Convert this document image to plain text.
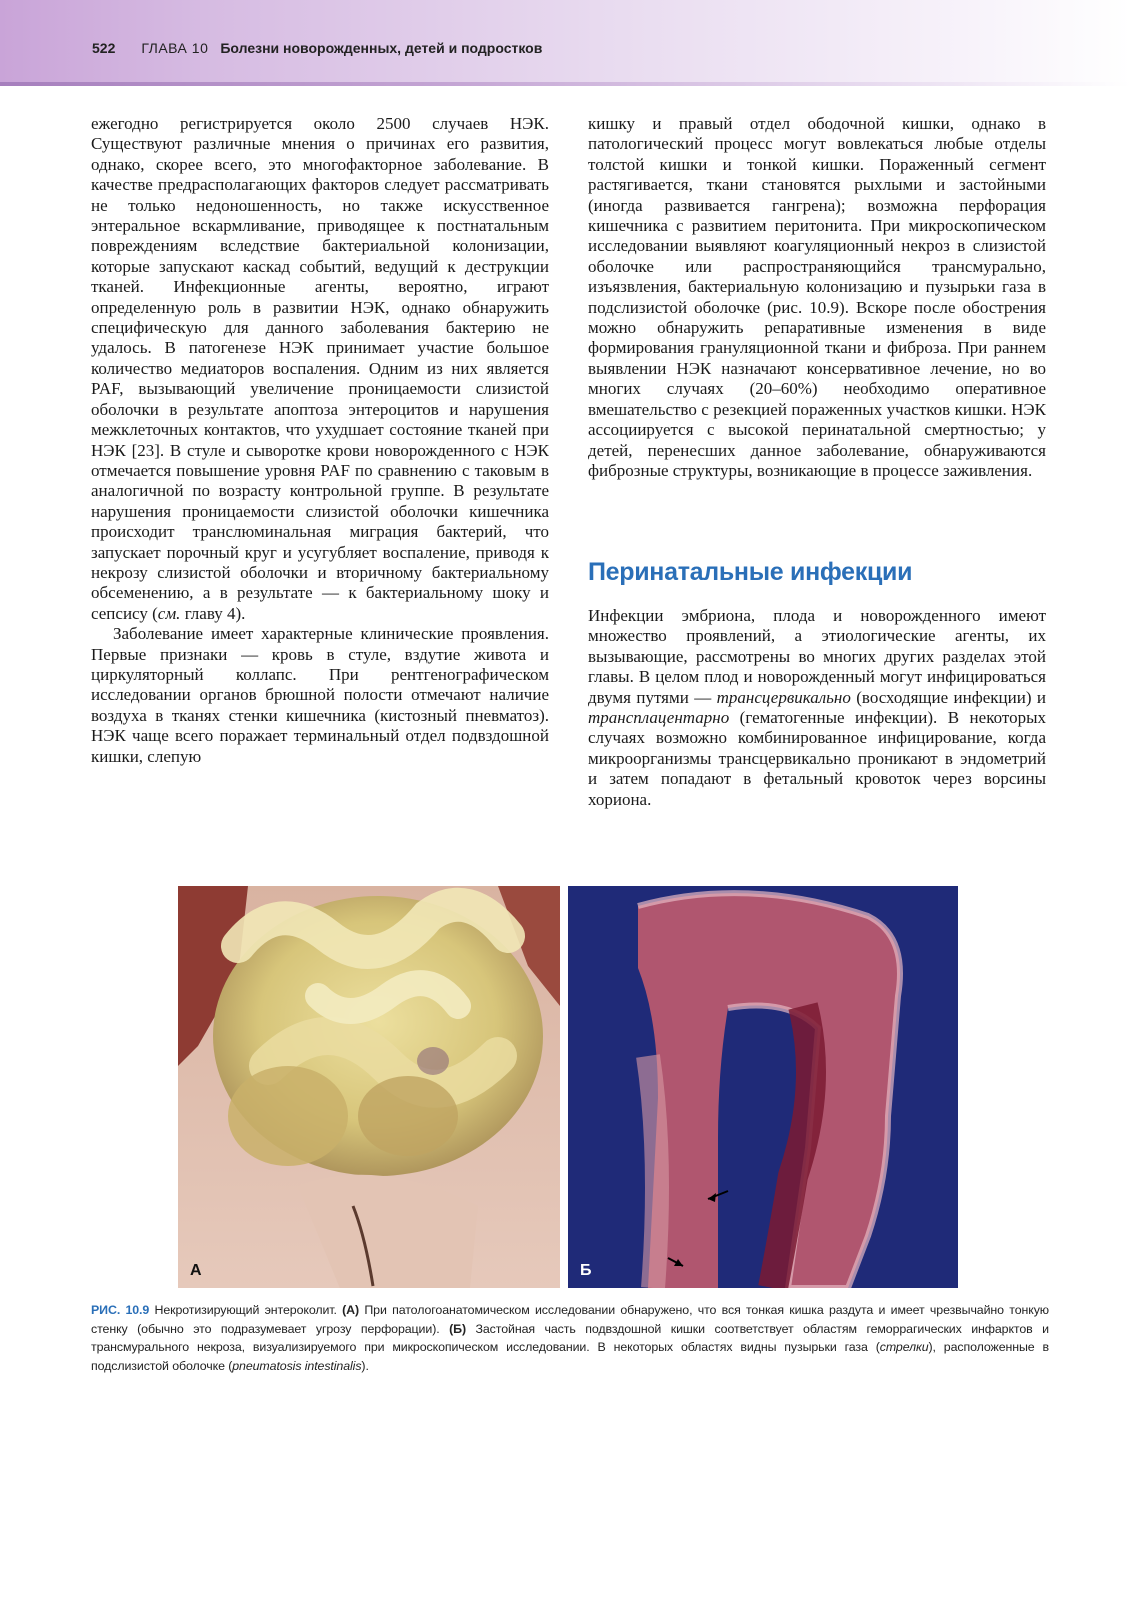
522 ГЛАВА 10 Болезни новорожденных, детей и подростков

ежегодно регистрируется около 2500 случаев НЭК. Существуют различные мнения о причинах его развития, однако, скорее всего, это многофакторное заболевание. В качестве предрасполагающих факторов следует рассматривать не только недоношенность, но также искусственное энтеральное вскармливание, приводящее к постнатальным повреждениям вследствие бактериальной колонизации, которые запускают каскад событий, ведущий к деструкции тканей. Инфекционные агенты, вероятно, играют определенную роль в развитии НЭК, однако обнаружить специфическую для данного заболевания бактерию не удалось. В патогенезе НЭК принимает участие большое количество медиаторов воспаления. Одним из них является PAF, вызывающий увеличение проницаемости слизистой оболочки в результате апоптоза энтероцитов и нарушения межклеточных контактов, что ухудшает состояние тканей при НЭК [23]. В стуле и сыворотке крови новорожденного с НЭК отмечается повышение уровня PAF по сравнению с таковым в аналогичной по возрасту контрольной группе. В результате нарушения проницаемости слизистой оболочки кишечника происходит транслюминальная миграция бактерий, что запускает порочный круг и усугубляет воспаление, приводя к некрозу слизистой оболочки и вторичному бактериальному обсеменению, а в результате — к бактериальному шоку и сепсису (см. главу 4).

Заболевание имеет характерные клинические проявления. Первые признаки — кровь в стуле, вздутие живота и циркуляторный коллапс. При рентгенографическом исследовании органов брюшной полости отмечают наличие воздуха в тканях стенки кишечника (кистозный пневматоз). НЭК чаще всего поражает терминальный отдел подвздошной кишки, слепую

кишку и правый отдел ободочной кишки, однако в патологический процесс могут вовлекаться любые отделы толстой кишки и тонкой кишки. Пораженный сегмент растягивается, ткани становятся рыхлыми и застойными (иногда развивается гангрена); возможна перфорация кишечника с развитием перитонита. При микроскопическом исследовании выявляют коагуляционный некроз в слизистой оболочке или распространяющийся трансмурально, изъязвления, бактериальную колонизацию и пузырьки газа в подслизистой оболочке (рис. 10.9). Вскоре после обострения можно обнаружить репаративные изменения в виде формирования грануляционной ткани и фиброза. При раннем выявлении НЭК назначают консервативное лечение, но во многих случаях (20–60%) необходимо оперативное вмешательство с резекцией пораженных участков кишки. НЭК ассоциируется с высокой перинатальной смертностью; у детей, перенесших данное заболевание, обнаруживаются фиброзные структуры, возникающие в процессе заживления.

Перинатальные инфекции

Инфекции эмбриона, плода и новорожденного имеют множество проявлений, а этиологические агенты, их вызывающие, рассмотрены во многих других разделах этой главы. В целом плод и новорожденный могут инфицироваться двумя путями — трансцервикально (восходящие инфекции) и трансплацентарно (гематогенные инфекции). В некоторых случаях возможно комбинированное инфицирование, когда микроорганизмы трансцервикально проникают в эндометрий и затем попадают в фетальный кровоток через ворсины хориона.

А	Б
РИС. 10.9 Некротизирующий энтероколит. (А) При патологоанатомическом исследовании обнаружено, что вся тонкая кишка раздута и имеет чрезвычайно тонкую стенку (обычно это подразумевает угрозу перфорации). (Б) Застойная часть подвздошной кишки соответствует областям геморрагических инфарктов и трансмурального некроза, визуализируемого при микроскопическом исследовании. В некоторых областях видны пузырьки газа (стрелки), расположенные в подслизистой оболочке (pneumatosis intestinalis).
